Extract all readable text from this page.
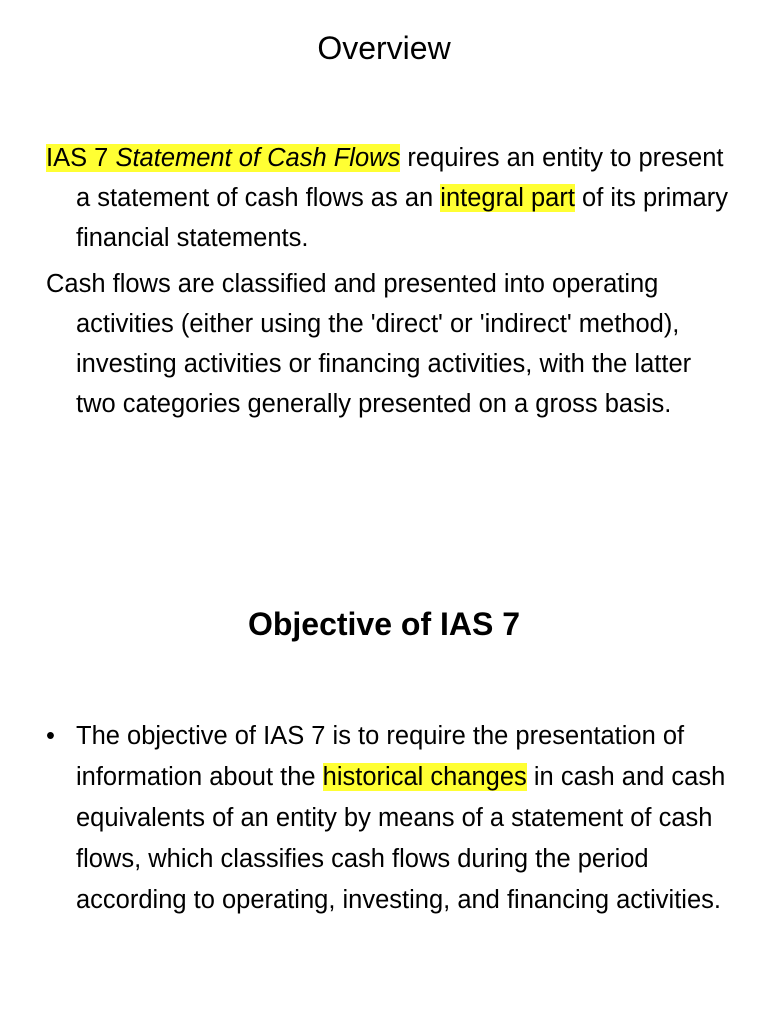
Overview

IAS 7 Statement of Cash Flows requires an entity to present a statement of cash flows as an integral part of its primary financial statements.

Cash flows are classified and presented into operating activities (either using the 'direct' or 'indirect' method), investing activities or financing activities, with the latter two categories generally presented on a gross basis.

Objective of IAS 7
• The objective of IAS 7 is to require the presentation of information about the historical changes in cash and cash equivalents of an entity by means of a statement of cash flows, which classifies cash flows during the period according to operating, investing, and financing activities.
